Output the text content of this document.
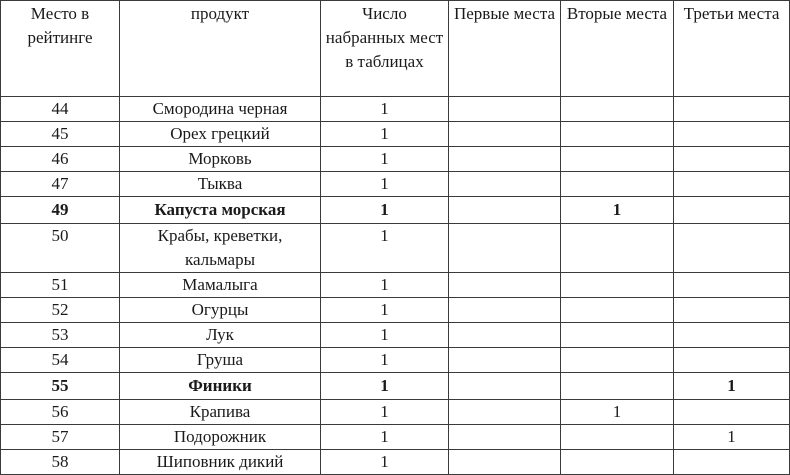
Место в рейтинге	продукт	Число набранных мест в таблицах	Первые места	Вторые места	Третьи места
44	Смородина черная	1			
45	Орех грецкий	1			
46	Морковь	1			
47	Тыква	1			
49	Капуста морская	1		1	
50	Крабы, креветки, кальмары	1			
51	Мамалыга	1			
52	Огурцы	1			
53	Лук	1			
54	Груша	1			
55	Финики	1			1
56	Крапива	1		1	
57	Подорожник	1			1
58	Шиповник дикий	1			
